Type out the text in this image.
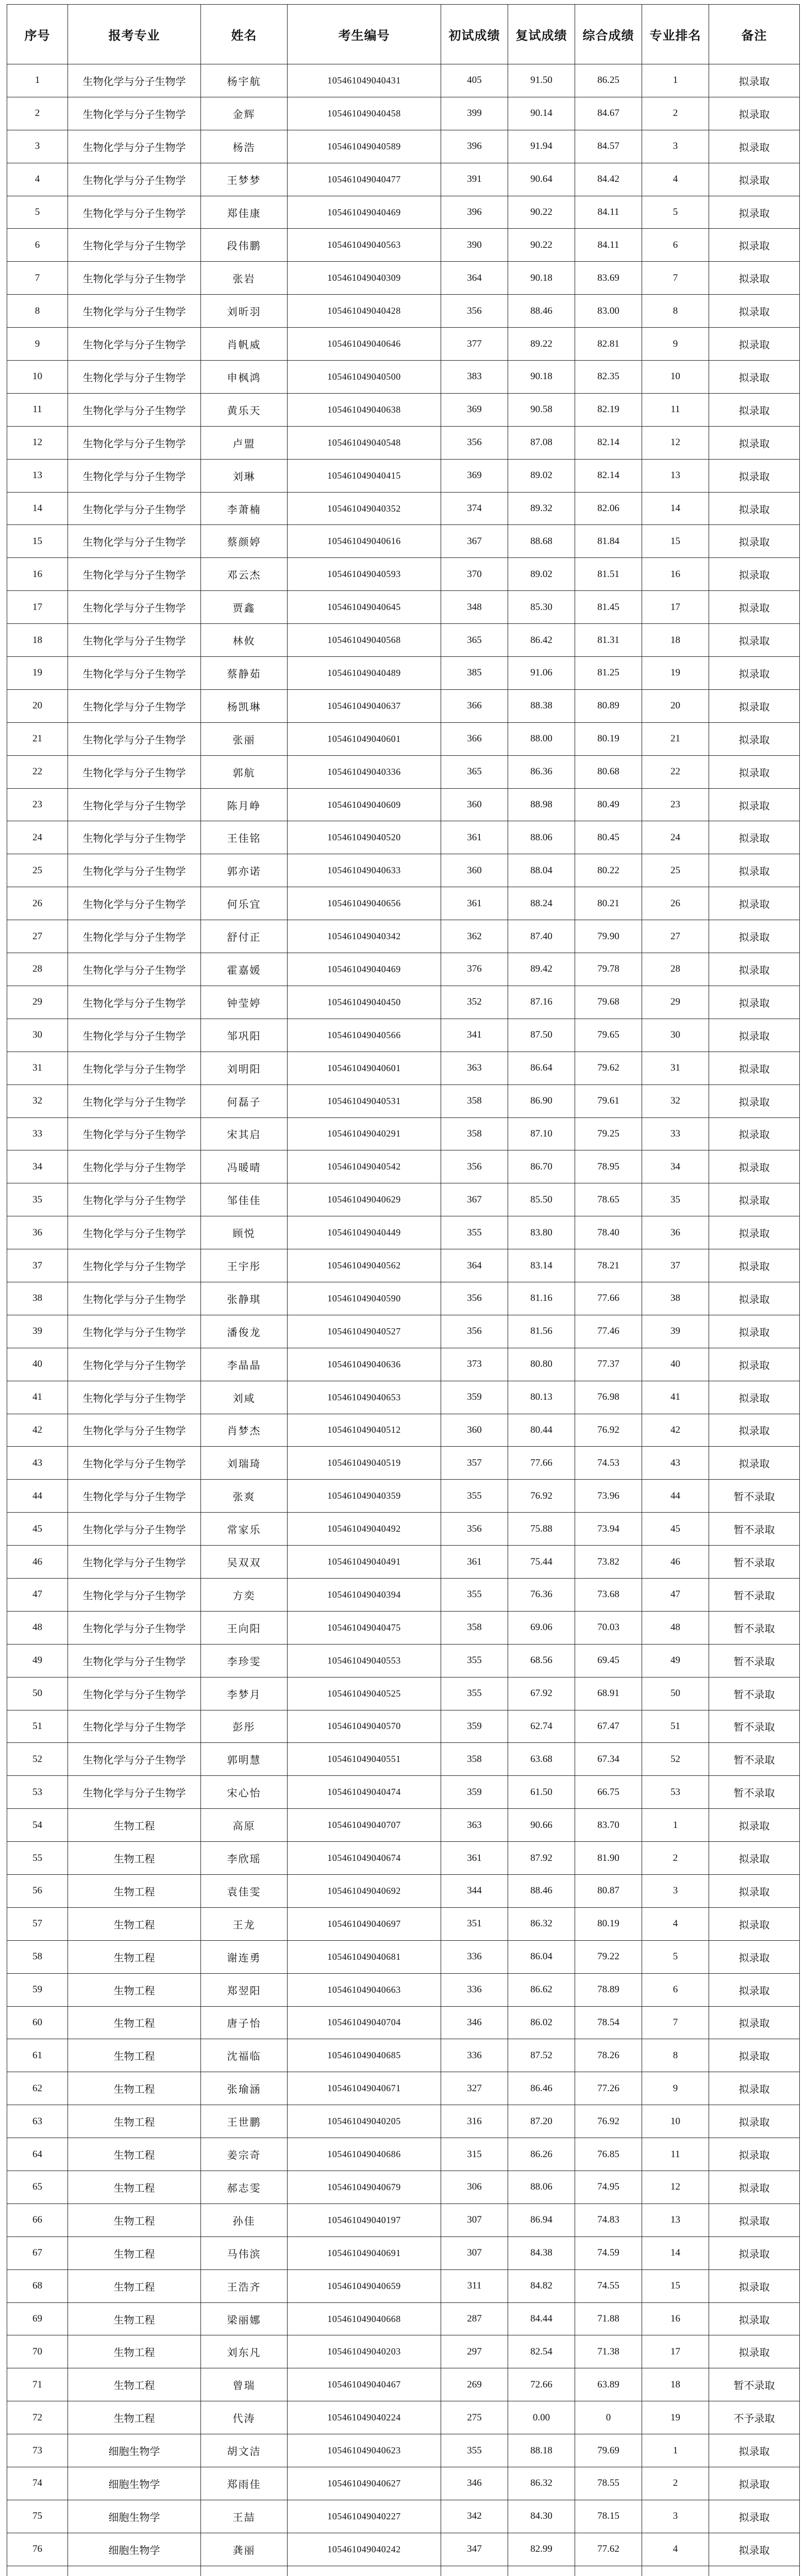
序号	报考专业	姓名	考生编号	初试成绩	复试成绩	综合成绩	专业排名	备注
1	生物化学与分子生物学	杨宇航	105461049040431	405	91.50	86.25	1	拟录取
2	生物化学与分子生物学	金辉	105461049040458	399	90.14	84.67	2	拟录取
3	生物化学与分子生物学	杨浩	105461049040589	396	91.94	84.57	3	拟录取
4	生物化学与分子生物学	王梦梦	105461049040477	391	90.64	84.42	4	拟录取
5	生物化学与分子生物学	郑佳康	105461049040469	396	90.22	84.11	5	拟录取
6	生物化学与分子生物学	段伟鹏	105461049040563	390	90.22	84.11	6	拟录取
7	生物化学与分子生物学	张岩	105461049040309	364	90.18	83.69	7	拟录取
8	生物化学与分子生物学	刘昕羽	105461049040428	356	88.46	83.00	8	拟录取
9	生物化学与分子生物学	肖帆威	105461049040646	377	89.22	82.81	9	拟录取
10	生物化学与分子生物学	申枫鸿	105461049040500	383	90.18	82.35	10	拟录取
11	生物化学与分子生物学	黄乐天	105461049040638	369	90.58	82.19	11	拟录取
12	生物化学与分子生物学	卢盟	105461049040548	356	87.08	82.14	12	拟录取
13	生物化学与分子生物学	刘琳	105461049040415	369	89.02	82.14	13	拟录取
14	生物化学与分子生物学	李萧楠	105461049040352	374	89.32	82.06	14	拟录取
15	生物化学与分子生物学	蔡颜婷	105461049040616	367	88.68	81.84	15	拟录取
16	生物化学与分子生物学	邓云杰	105461049040593	370	89.02	81.51	16	拟录取
17	生物化学与分子生物学	贾鑫	105461049040645	348	85.30	81.45	17	拟录取
18	生物化学与分子生物学	林攸	105461049040568	365	86.42	81.31	18	拟录取
19	生物化学与分子生物学	蔡静茹	105461049040489	385	91.06	81.25	19	拟录取
20	生物化学与分子生物学	杨凯琳	105461049040637	366	88.38	80.89	20	拟录取
21	生物化学与分子生物学	张丽	105461049040601	366	88.00	80.19	21	拟录取
22	生物化学与分子生物学	郭航	105461049040336	365	86.36	80.68	22	拟录取
23	生物化学与分子生物学	陈月峥	105461049040609	360	88.98	80.49	23	拟录取
24	生物化学与分子生物学	王佳铭	105461049040520	361	88.06	80.45	24	拟录取
25	生物化学与分子生物学	郭亦诺	105461049040633	360	88.04	80.22	25	拟录取
26	生物化学与分子生物学	何乐宜	105461049040656	361	88.24	80.21	26	拟录取
27	生物化学与分子生物学	舒付正	105461049040342	362	87.40	79.90	27	拟录取
28	生物化学与分子生物学	霍嘉媛	105461049040469	376	89.42	79.78	28	拟录取
29	生物化学与分子生物学	钟莹婷	105461049040450	352	87.16	79.68	29	拟录取
30	生物化学与分子生物学	邹巩阳	105461049040566	341	87.50	79.65	30	拟录取
31	生物化学与分子生物学	刘明阳	105461049040601	363	86.64	79.62	31	拟录取
32	生物化学与分子生物学	何磊子	105461049040531	358	86.90	79.61	32	拟录取
33	生物化学与分子生物学	宋其启	105461049040291	358	87.10	79.25	33	拟录取
34	生物化学与分子生物学	冯暖晴	105461049040542	356	86.70	78.95	34	拟录取
35	生物化学与分子生物学	邹佳佳	105461049040629	367	85.50	78.65	35	拟录取
36	生物化学与分子生物学	顾悦	105461049040449	355	83.80	78.40	36	拟录取
37	生物化学与分子生物学	王宇彤	105461049040562	364	83.14	78.21	37	拟录取
38	生物化学与分子生物学	张静琪	105461049040590	356	81.16	77.66	38	拟录取
39	生物化学与分子生物学	潘俊龙	105461049040527	356	81.56	77.46	39	拟录取
40	生物化学与分子生物学	李晶晶	105461049040636	373	80.80	77.37	40	拟录取
41	生物化学与分子生物学	刘咸	105461049040653	359	80.13	76.98	41	拟录取
42	生物化学与分子生物学	肖梦杰	105461049040512	360	80.44	76.92	42	拟录取
43	生物化学与分子生物学	刘瑞琦	105461049040519	357	77.66	74.53	43	拟录取
44	生物化学与分子生物学	张爽	105461049040359	355	76.92	73.96	44	暂不录取
45	生物化学与分子生物学	常家乐	105461049040492	356	75.88	73.94	45	暂不录取
46	生物化学与分子生物学	吴双双	105461049040491	361	75.44	73.82	46	暂不录取
47	生物化学与分子生物学	方奕	105461049040394	355	76.36	73.68	47	暂不录取
48	生物化学与分子生物学	王向阳	105461049040475	358	69.06	70.03	48	暂不录取
49	生物化学与分子生物学	李珍雯	105461049040553	355	68.56	69.45	49	暂不录取
50	生物化学与分子生物学	李梦月	105461049040525	355	67.92	68.91	50	暂不录取
51	生物化学与分子生物学	彭彤	105461049040570	359	62.74	67.47	51	暂不录取
52	生物化学与分子生物学	郭明慧	105461049040551	358	63.68	67.34	52	暂不录取
53	生物化学与分子生物学	宋心怡	105461049040474	359	61.50	66.75	53	暂不录取
54	生物工程	高原	105461049040707	363	90.66	83.70	1	拟录取
55	生物工程	李欣瑶	105461049040674	361	87.92	81.90	2	拟录取
56	生物工程	袁佳雯	105461049040692	344	88.46	80.87	3	拟录取
57	生物工程	王龙	105461049040697	351	86.32	80.19	4	拟录取
58	生物工程	谢连勇	105461049040681	336	86.04	79.22	5	拟录取
59	生物工程	郑翌阳	105461049040663	336	86.62	78.89	6	拟录取
60	生物工程	唐子怡	105461049040704	346	86.02	78.54	7	拟录取
61	生物工程	沈福临	105461049040685	336	87.52	78.26	8	拟录取
62	生物工程	张瑜涵	105461049040671	327	86.46	77.26	9	拟录取
63	生物工程	王世鹏	105461049040205	316	87.20	76.92	10	拟录取
64	生物工程	姜宗奇	105461049040686	315	86.26	76.85	11	拟录取
65	生物工程	郝志雯	105461049040679	306	88.06	74.95	12	拟录取
66	生物工程	孙佳	105461049040197	307	86.94	74.83	13	拟录取
67	生物工程	马伟滨	105461049040691	307	84.38	74.59	14	拟录取
68	生物工程	王浩齐	105461049040659	311	84.82	74.55	15	拟录取
69	生物工程	梁丽娜	105461049040668	287	84.44	71.88	16	拟录取
70	生物工程	刘东凡	105461049040203	297	82.54	71.38	17	拟录取
71	生物工程	曾瑞	105461049040467	269	72.66	63.89	18	暂不录取
72	生物工程	代涛	105461049040224	275	0.00	0	19	不予录取
73	细胞生物学	胡文洁	105461049040623	355	88.18	79.69	1	拟录取
74	细胞生物学	郑雨佳	105461049040627	346	86.32	78.55	2	拟录取
75	细胞生物学	王喆	105461049040227	342	84.30	78.15	3	拟录取
76	细胞生物学	龚丽	105461049040242	347	82.99	77.62	4	拟录取
